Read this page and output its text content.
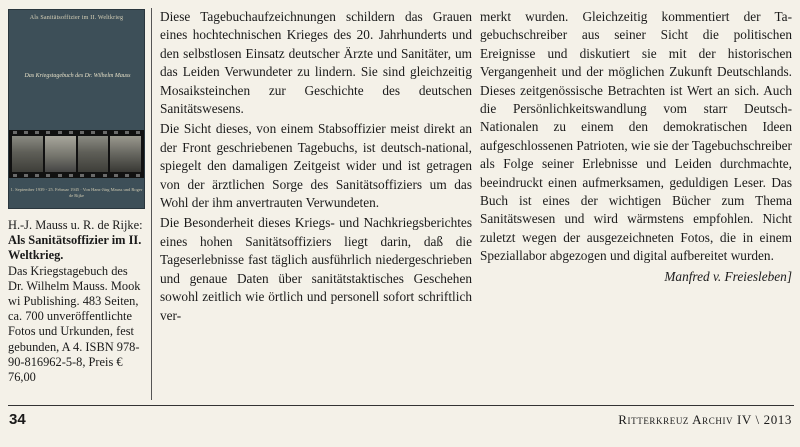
Als Sanitätsoffizier im II. Weltkrieg
Das Kriegstagebuch des Dr. Wilhelm Mauss
1. September 1939 - 25. Februar 1945 · Von Hans-Jürg Mauss und Roger de Rijke
H.-J. Mauss u. R. de Rijke:
Als Sanitätsoffizier im II. Weltkrieg.
Das Kriegstagebuch des Dr. Wilhelm Mauss. Mook wi Publishing. 483 Seiten, ca. 700 unveröffentlichte Fotos und Urkunden, fest gebunden, A 4. ISBN 978-90-816962-5-8, Preis € 76,00

Diese Tagebuchaufzeichnungen schildern das Grauen eines hochtechnischen Krieges des 20. Jahrhunderts und den selbstlosen Einsatz deutscher Ärzte und Sanitäter, um das Leiden Verwundeter zu lindern. Sie sind gleichzeitig Mosaiksteinchen zur Geschichte des deutschen Sanitätswesens.

Die Sicht dieses, von einem Stabsoffizier meist direkt an der Front geschriebenen Tagebuchs, ist deutsch-national, spiegelt den damaligen Zeitgeist wider und ist getragen von der ärztlichen Sorge des Sanitätsoffiziers um das Wohl der ihm anvertrauten Verwundeten.

Die Besonderheit dieses Kriegs- und Nachkriegsberichtes eines hohen Sanitätsoffiziers liegt darin, daß die Tageserlebnisse fast täglich ausführlich niedergeschrieben und genaue Daten über sanitätstaktisches Geschehen sowohl zeitlich wie örtlich und personell sofort schriftlich ver-

merkt wurden. Gleichzeitig kommentiert der Tagebuchschreiber aus seiner Sicht die politischen Ereignisse und diskutiert sie mit der historischen Vergangenheit und der möglichen Zukunft Deutschlands. Dieses zeitgenössische Betrachten ist Wert an sich. Auch die Persönlichkeitswandlung vom starr Deutsch-Nationalen zu einem den demokratischen Ideen aufgeschlossenen Patrioten, wie sie der Tagebuchschreiber als Folge seiner Erlebnisse und Leiden durchmachte, beeindruckt einen aufmerksamen, geduldigen Leser. Das Buch ist eines der wichtigen Bücher zum Thema Sanitätswesen und wird wärmstens empfohlen. Nicht zuletzt wegen der ausgezeichneten Fotos, die in einem Speziallabor abgezogen und digital aufbereitet wurden.

Manfred v. Freiesleben]

34	Ritterkreuz Archiv IV \ 2013
